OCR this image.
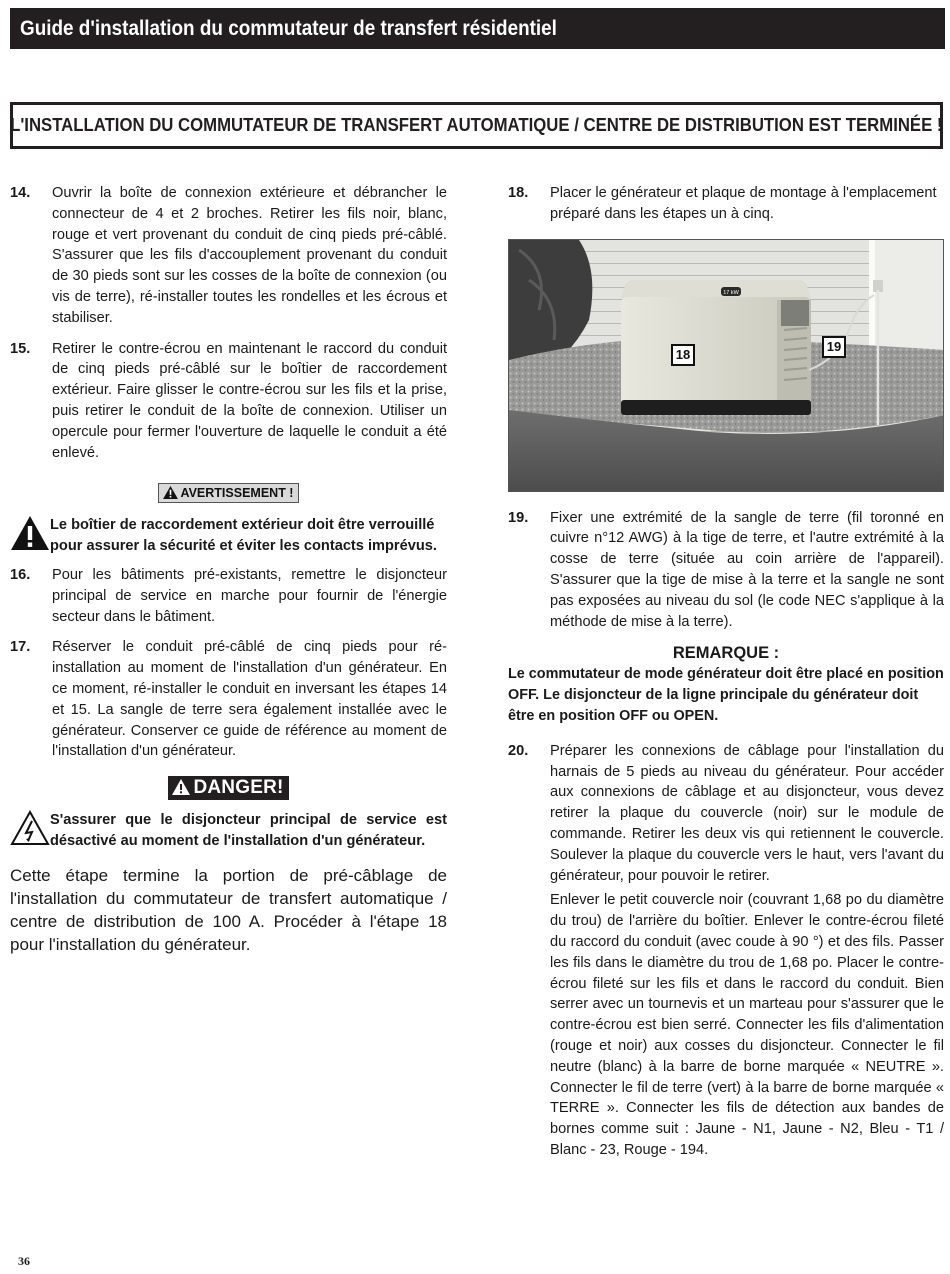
Guide d'installation du commutateur de transfert résidentiel
L'INSTALLATION DU COMMUTATEUR DE TRANSFERT AUTOMATIQUE / CENTRE DE DISTRIBUTION EST TERMINÉE !
14.	Ouvrir la boîte de connexion extérieure et débrancher le connecteur de 4 et 2 broches. Retirer les fils noir, blanc, rouge et vert provenant du conduit de cinq pieds pré-câblé. S'assurer que les fils d'accouplement provenant du conduit de 30 pieds sont sur les cosses de la boîte de connexion (ou vis de terre), ré-installer toutes les rondelles et les écrous et stabiliser.
15.	Retirer le contre-écrou en maintenant le raccord du conduit de cinq pieds pré-câblé sur le boîtier de raccordement extérieur. Faire glisser le contre-écrou sur les fils et la prise, puis retirer le conduit de la boîte de connexion. Utiliser un opercule pour fermer l'ouverture de laquelle le conduit a été enlevé.
AVERTISSEMENT !
Le boîtier de raccordement extérieur doit être verrouillé pour assurer la sécurité et éviter les contacts imprévus.
16.	Pour les bâtiments pré-existants, remettre le disjoncteur principal de service en marche pour fournir de l'énergie secteur dans le bâtiment.
17.	Réserver le conduit pré-câblé de cinq pieds pour ré-installation au moment de l'installation d'un générateur. En ce moment, ré-installer le conduit en inversant les étapes 14 et 15. La sangle de terre sera également installée avec le générateur. Conserver ce guide de référence au moment de l'installation d'un générateur.
DANGER!
S'assurer que le disjoncteur principal de service est désactivé au moment de l'installation d'un générateur.
Cette étape termine la portion de pré-câblage de l'installation du commutateur de transfert automatique / centre de distribution de 100 A. Procéder à l'étape 18 pour l'installation du générateur.
18.	Placer le générateur et plaque de montage à l'emplacement préparé dans les étapes un à cinq.
17 kW
18
19
19.	Fixer une extrémité de la sangle de terre (fil toronné en cuivre n°12 AWG) à la tige de terre, et l'autre extrémité à la cosse de terre (située au coin arrière de l'appareil). S'assurer que la tige de mise à la terre et la sangle ne sont pas exposées au niveau du sol (le code NEC s'applique à la méthode de mise à la terre).
REMARQUE :
Le commutateur de mode générateur doit être placé en position OFF. Le disjoncteur de la ligne principale du générateur doit être en position OFF ou OPEN.
20.	Préparer les connexions de câblage pour l'installation du harnais de 5 pieds au niveau du générateur. Pour accéder aux connexions de câblage et au disjoncteur, vous devez retirer la plaque du couvercle (noir) sur le module de commande. Retirer les deux vis qui retiennent le couvercle. Soulever la plaque du couvercle vers le haut, vers l'avant du générateur, pour pouvoir le retirer.
Enlever le petit couvercle noir (couvrant 1,68 po du diamètre du trou) de l'arrière du boîtier. Enlever le contre-écrou fileté du raccord du conduit (avec coude à 90 °) et des fils. Passer les fils dans le diamètre du trou de 1,68 po. Placer le contre-écrou fileté sur les fils et dans le raccord du conduit. Bien serrer avec un tournevis et un marteau pour s'assurer que le contre-écrou est bien serré. Connecter les fils d'alimentation (rouge et noir) aux cosses du disjoncteur. Connecter le fil neutre (blanc) à la barre de borne marquée « NEUTRE ». Connecter le fil de terre (vert) à la barre de borne marquée « TERRE ». Connecter les fils de détection aux bandes de bornes comme suit : Jaune - N1, Jaune - N2, Bleu - T1 / Blanc - 23, Rouge - 194.
36
